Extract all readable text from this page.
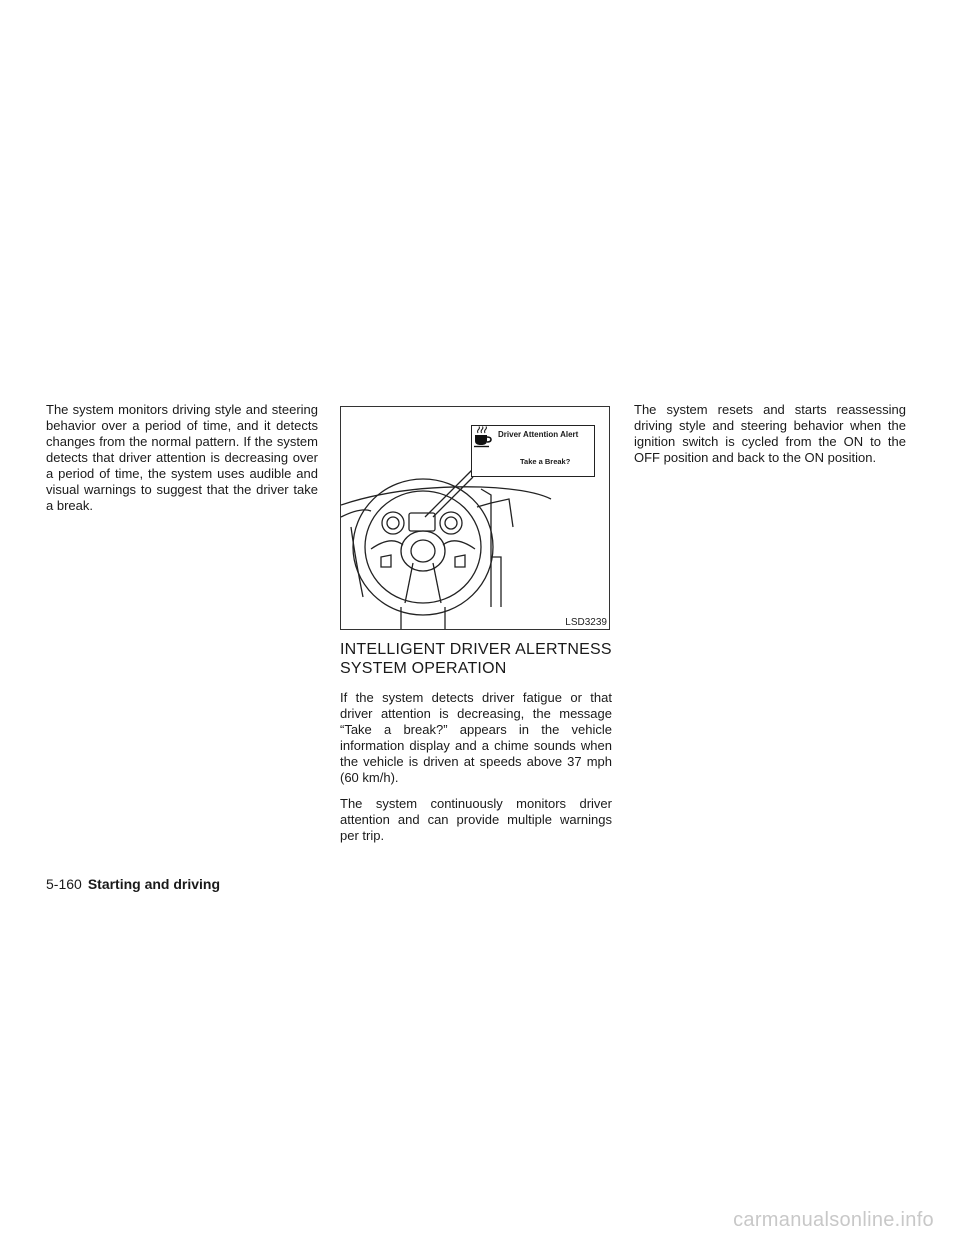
The system monitors driving style and steering behavior over a period of time, and it detects changes from the normal pattern. If the system detects that driver attention is decreasing over a period of time, the system uses audible and visual warnings to suggest that the driver take a break.

Driver Attention Alert
Take a Break?
LSD3239
INTELLIGENT DRIVER ALERTNESS SYSTEM OPERATION

If the system detects driver fatigue or that driver attention is decreasing, the message “Take a break?” appears in the vehicle information display and a chime sounds when the vehicle is driven at speeds above 37 mph (60 km/h).

The system continuously monitors driver attention and can provide multiple warnings per trip.

The system resets and starts reassessing driving style and steering behavior when the ignition switch is cycled from the ON to the OFF position and back to the ON position.

5-160 Starting and driving
carmanualsonline.info
